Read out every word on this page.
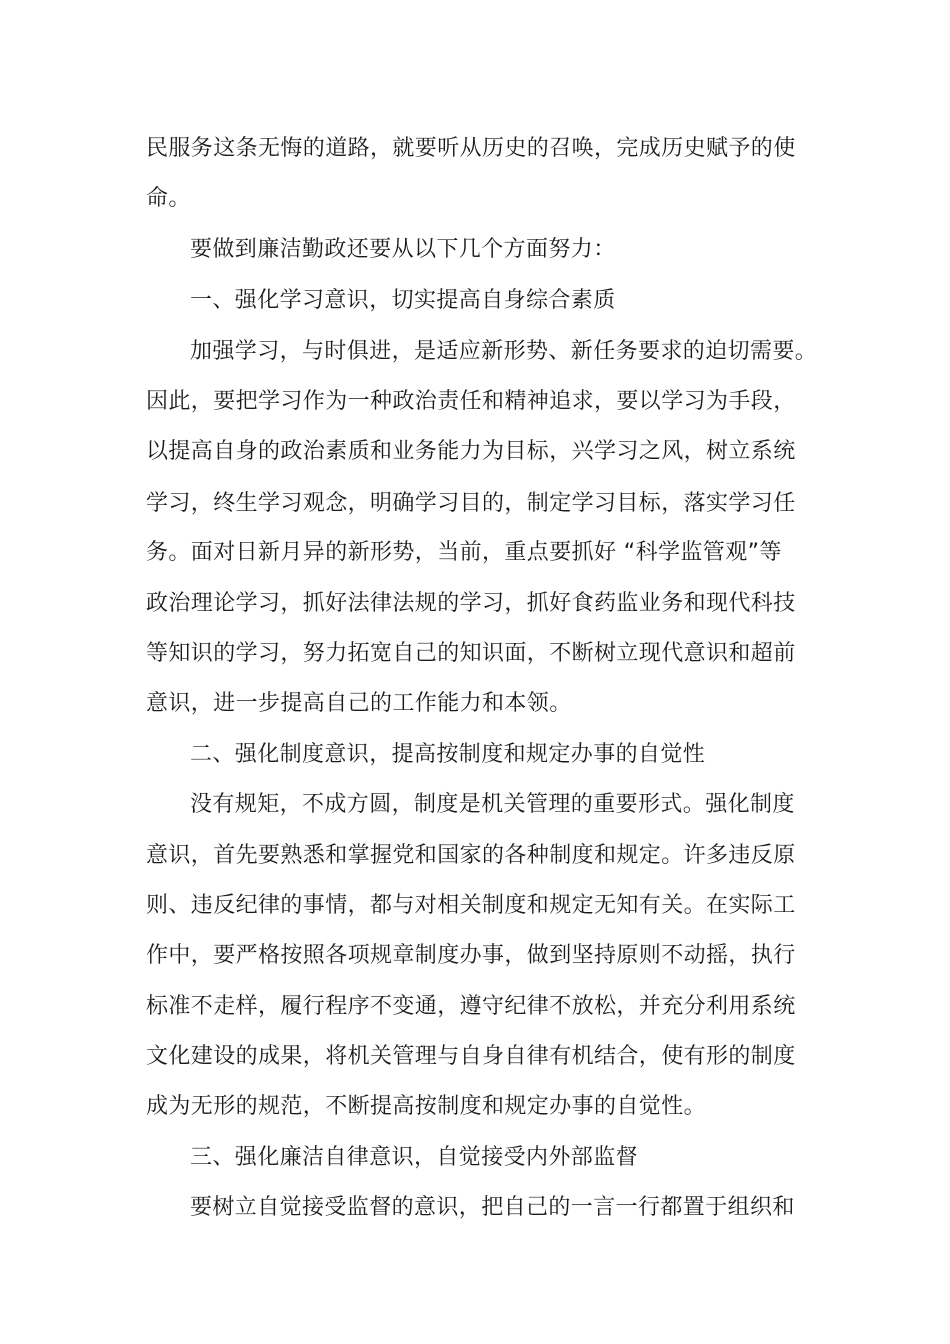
民服务这条无悔的道路，就要听从历史的召唤，完成历史赋予的使
命。
要做到廉洁勤政还要从以下几个方面努力：
一、强化学习意识，切实提高自身综合素质
加强学习，与时俱进，是适应新形势、新任务要求的迫切需要。
因此，要把学习作为一种政治责任和精神追求，要以学习为手段，
以提高自身的政治素质和业务能力为目标，兴学习之风，树立系统
学习，终生学习观念，明确学习目的，制定学习目标，落实学习任
务。面对日新月异的新形势，当前，重点要抓好 “科学监管观”等
政治理论学习，抓好法律法规的学习，抓好食药监业务和现代科技
等知识的学习，努力拓宽自己的知识面，不断树立现代意识和超前
意识，进一步提高自己的工作能力和本领。
二、强化制度意识，提高按制度和规定办事的自觉性
没有规矩，不成方圆，制度是机关管理的重要形式。强化制度
意识，首先要熟悉和掌握党和国家的各种制度和规定。许多违反原
则、违反纪律的事情，都与对相关制度和规定无知有关。在实际工
作中，要严格按照各项规章制度办事，做到坚持原则不动摇，执行
标准不走样，履行程序不变通，遵守纪律不放松，并充分利用系统
文化建设的成果，将机关管理与自身自律有机结合，使有形的制度
成为无形的规范，不断提高按制度和规定办事的自觉性。
三、强化廉洁自律意识，自觉接受内外部监督
要树立自觉接受监督的意识，把自己的一言一行都置于组织和
